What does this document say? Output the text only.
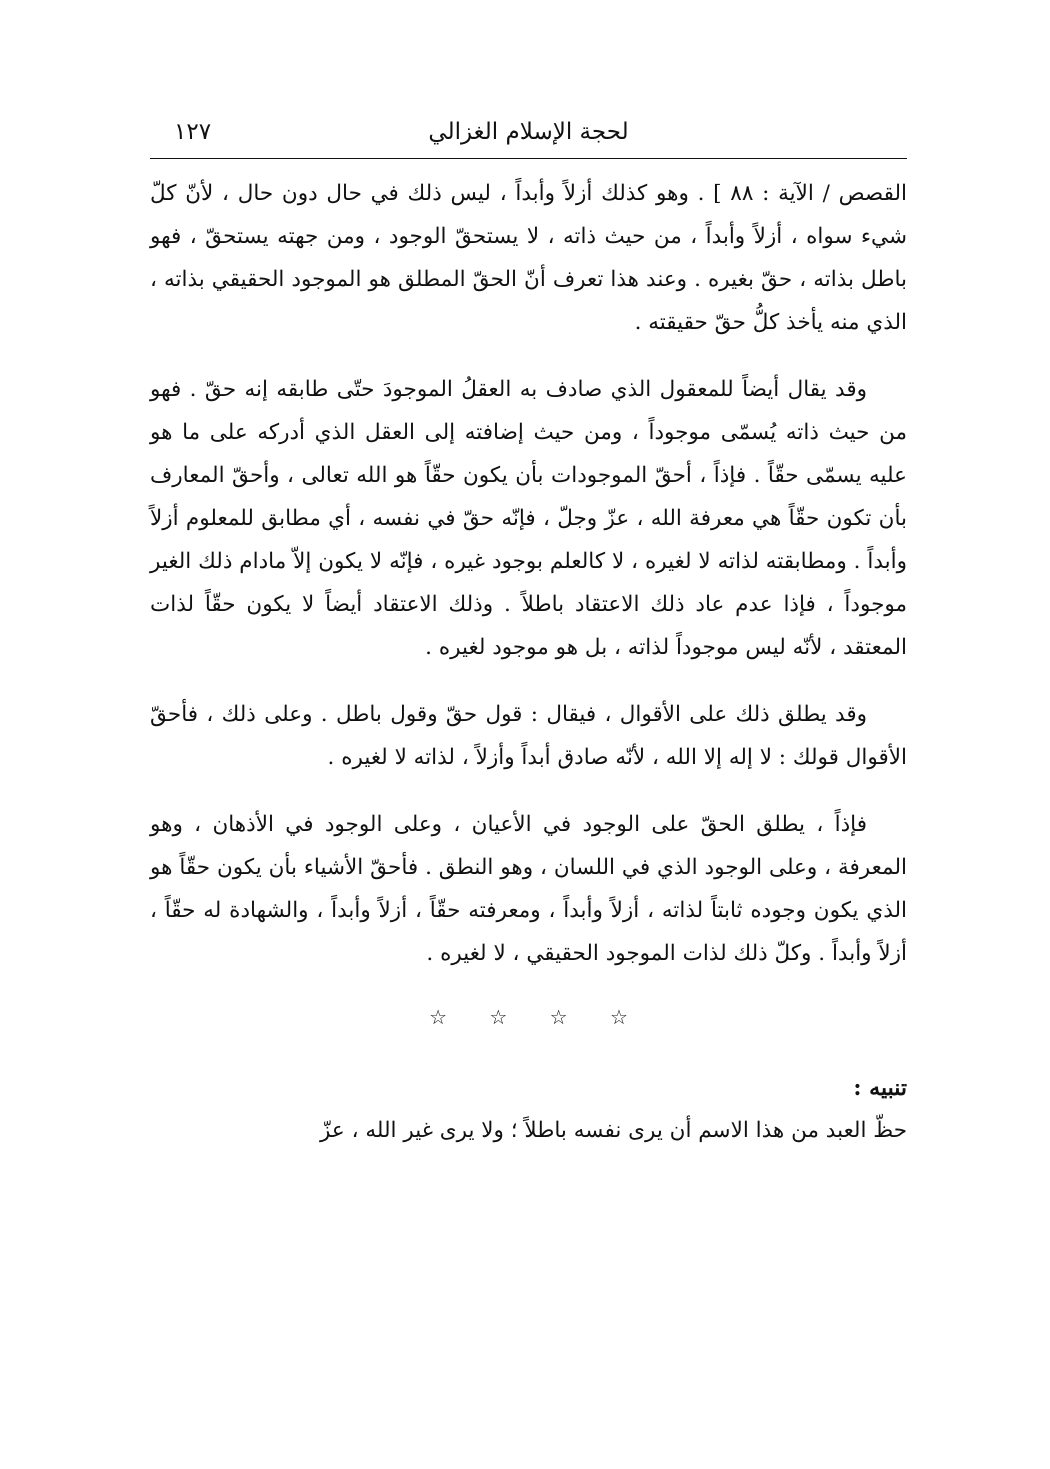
لحجة الإسلام الغزالي
١٢٧

القصص / الآية : ٨٨ ] . وهو كذلك أزلاً وأبداً ، ليس ذلك في حال دون حال ، لأنّ كلّ شيء سواه ، أزلاً وأبداً ، من حيث ذاته ، لا يستحقّ الوجود ، ومن جهته يستحقّ ، فهو باطل بذاته ، حقّ بغيره . وعند هذا تعرف أنّ الحقّ المطلق هو الموجود الحقيقي بذاته ، الذي منه يأخذ كلُّ حقّ حقيقته .

وقد يقال أيضاً للمعقول الذي صادف به العقلُ الموجودَ حتّى طابقه إنه حقّ . فهو من حيث ذاته يُسمّى موجوداً ، ومن حيث إضافته إلى العقل الذي أدركه على ما هو عليه يسمّى حقّاً . فإذاً ، أحقّ الموجودات بأن يكون حقّاً هو الله تعالى ، وأحقّ المعارف بأن تكون حقّاً هي معرفة الله ، عزّ وجلّ ، فإنّه حقّ في نفسه ، أي مطابق للمعلوم أزلاً وأبداً . ومطابقته لذاته لا لغيره ، لا كالعلم بوجود غيره ، فإنّه لا يكون إلاّ مادام ذلك الغير موجوداً ، فإذا عدم عاد ذلك الاعتقاد باطلاً . وذلك الاعتقاد أيضاً لا يكون حقّاً لذات المعتقد ، لأنّه ليس موجوداً لذاته ، بل هو موجود لغيره .

وقد يطلق ذلك على الأقوال ، فيقال : قول حقّ وقول باطل . وعلى ذلك ، فأحقّ الأقوال قولك : لا إله إلا الله ، لأنّه صادق أبداً وأزلاً ، لذاته لا لغيره .

فإذاً ، يطلق الحقّ على الوجود في الأعيان ، وعلى الوجود في الأذهان ، وهو المعرفة ، وعلى الوجود الذي في اللسان ، وهو النطق . فأحقّ الأشياء بأن يكون حقّاً هو الذي يكون وجوده ثابتاً لذاته ، أزلاً وأبداً ، ومعرفته حقّاً ، أزلاً وأبداً ، والشهادة له حقّاً ، أزلاً وأبداً . وكلّ ذلك لذات الموجود الحقيقي ، لا لغيره .

☆ ☆ ☆ ☆
تنبيه :

حظّ العبد من هذا الاسم أن يرى نفسه باطلاً ؛ ولا يرى غير الله ، عزّ
